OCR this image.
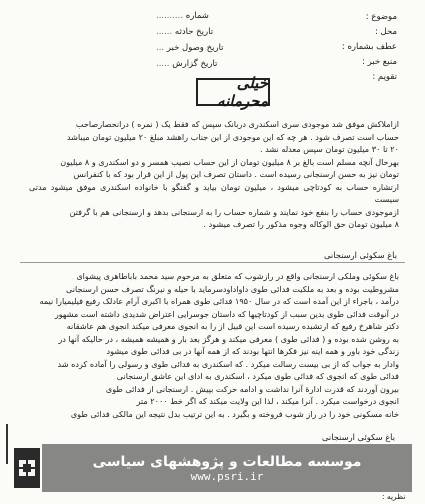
شماره ..........
تاریخ حادثه ......
تاریخ وصول خبر ...
تاریخ گزارش .....
موضوع :
محل :
عطف بشماره :
منبع خبر :
تقویم :
خیلی محرمانه

ازاملاکش موفق شد موجودی سری اسکندری دربانک سپس که فقط یک ( نمره ) درانحصارصاحب

حساب است تصرف شود . هر چه که این موجودی از این جناب راهشد مبلغ ۲۰ میلیون تومان میباشد

۲۰ تا ۳۰ میلیون تومان سپس معدله نشد .

بهرحال آنچه مسلم است بالغ بر ۸ میلیون تومان از این حساب نصیب همسر و دو اسکندری و ۸ میلیون

تومان نیز به حسن ارسنجانی رسیده است . داستان تصرف این پول از این قرار بود که با کنفرانس

ارتشاره حساب به کودتاچی میشود ، میلیون تومان بیاید و گفتگو با خانواده اسکندری موفق میشود مدتی سیست

ازموجودی حساب را بنفع خود نمایند و شماره حساب را به ارسنجانی بدهد و ارسنجانی هم با گرفتن

۸ میلیون تومان حق الوکاله وجوه مذکور را تصرف میشود .

باغ سکوئی ارسنجانی

باغ سکوئی وملکی ارسنجانی واقع در رازشوب که متعلق به مرحوم سید محمد باباطاهری پیشوای

مشروطیت بوده و بعد به ملکیت فدائی طوی داواداودسرماید با حیله و نیرنگ تصرف حسن ارسنجانی

درآمد ، باجراء از این آمده است که در سال ۱۹۵۰ فدائی طوی همراه با اکبری آرام عادلک رفیع فیلیمیارا نیمه

در آنوقت فدائی طوی بدین سبب از کودتاچیها که داستان جوسرایی اعتراض شدیدی داشته است مشهور

دکتر شاهرخ رفیع که ارتشبده رسیده است این قبیل از را به انجوی معرفی میکند انجوی هم عاشقانه

به روشن شده بوده و ( فدائی طوی ) معرفی میکند و هرگز بعد بار و همیشه همیشه ، در حالیکه آنها در

زندگی خود باور و همه اینه نیز فکرها انتها بودند که از همه آنها در بی فدائی طوی میشود

وادار به جواب که از بی بیست رسالت میکرد . که اسکندری به فدائی طوی و رسولی را آماده کرده شد

فدائی طوی که انجوی که فدائی طوی میکرد ، اسکندری به ادای این عاشق ارسنجانی

بیرون آوردند که قدرت ادارهٔ آنرا نداشت و ادامه حرکت بپیش . ارسنجانی از فدائی طوی

انجوی درخواست میکرد . آنرا میکند ، لذا این ولایت میکند که اگر خط ۲۰۰۰ متر

خانه مسکونی خود را در راز شوب فروخته و بگیرد . به این ترتیب بدل نتیجه این مالکی فدائی طوی

باغ سکوئی ارسنجانی
موسسه مطالعات و پژوهشهای سیاسی
www.psri.ir
نظریه :
